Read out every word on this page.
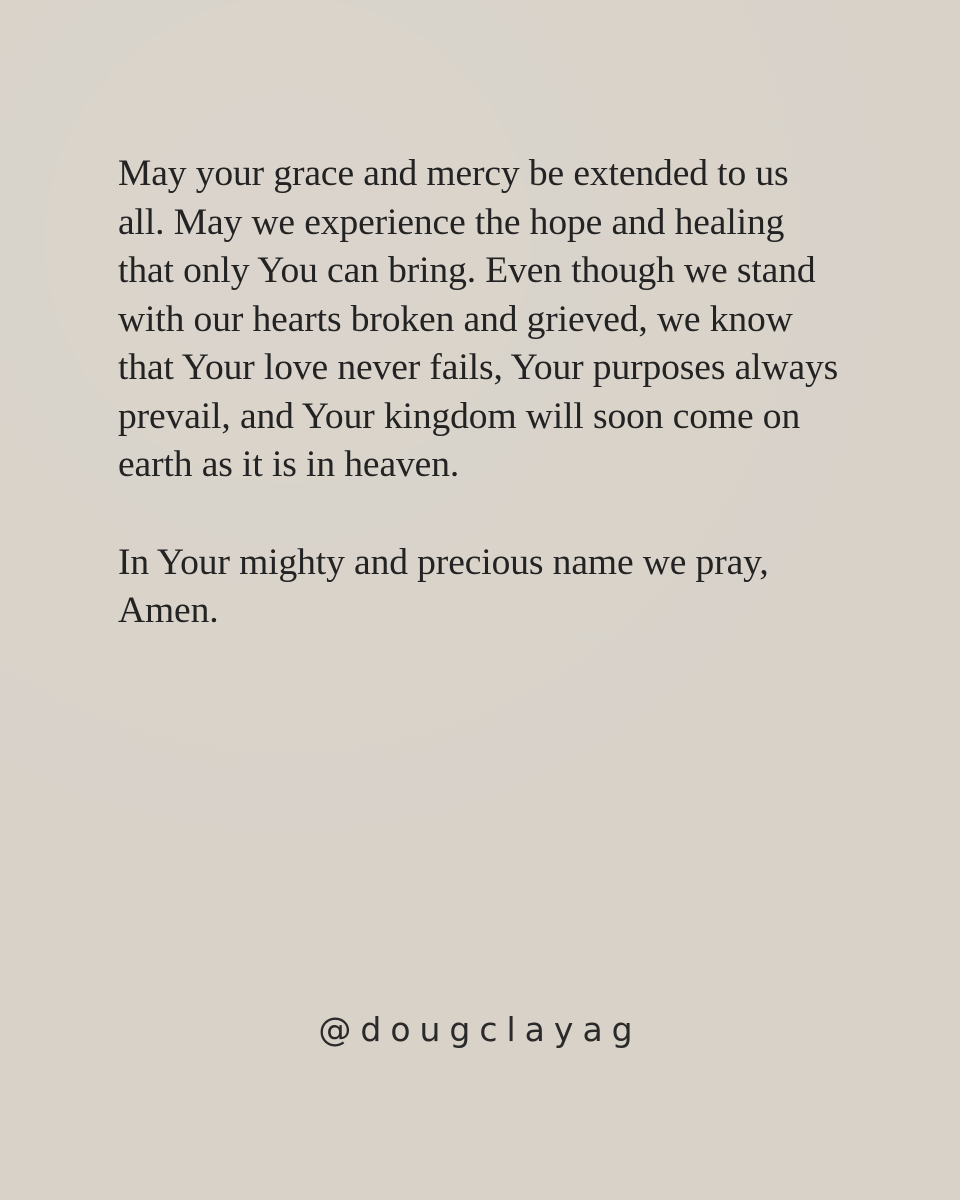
May your grace and mercy be extended to us
all. May we experience the hope and healing
that only You can bring. Even though we stand
with our hearts broken and grieved, we know
that Your love never fails, Your purposes always
prevail, and Your kingdom will soon come on
earth as it is in heaven.

In Your mighty and precious name we pray,
Amen.

@dougclayag
